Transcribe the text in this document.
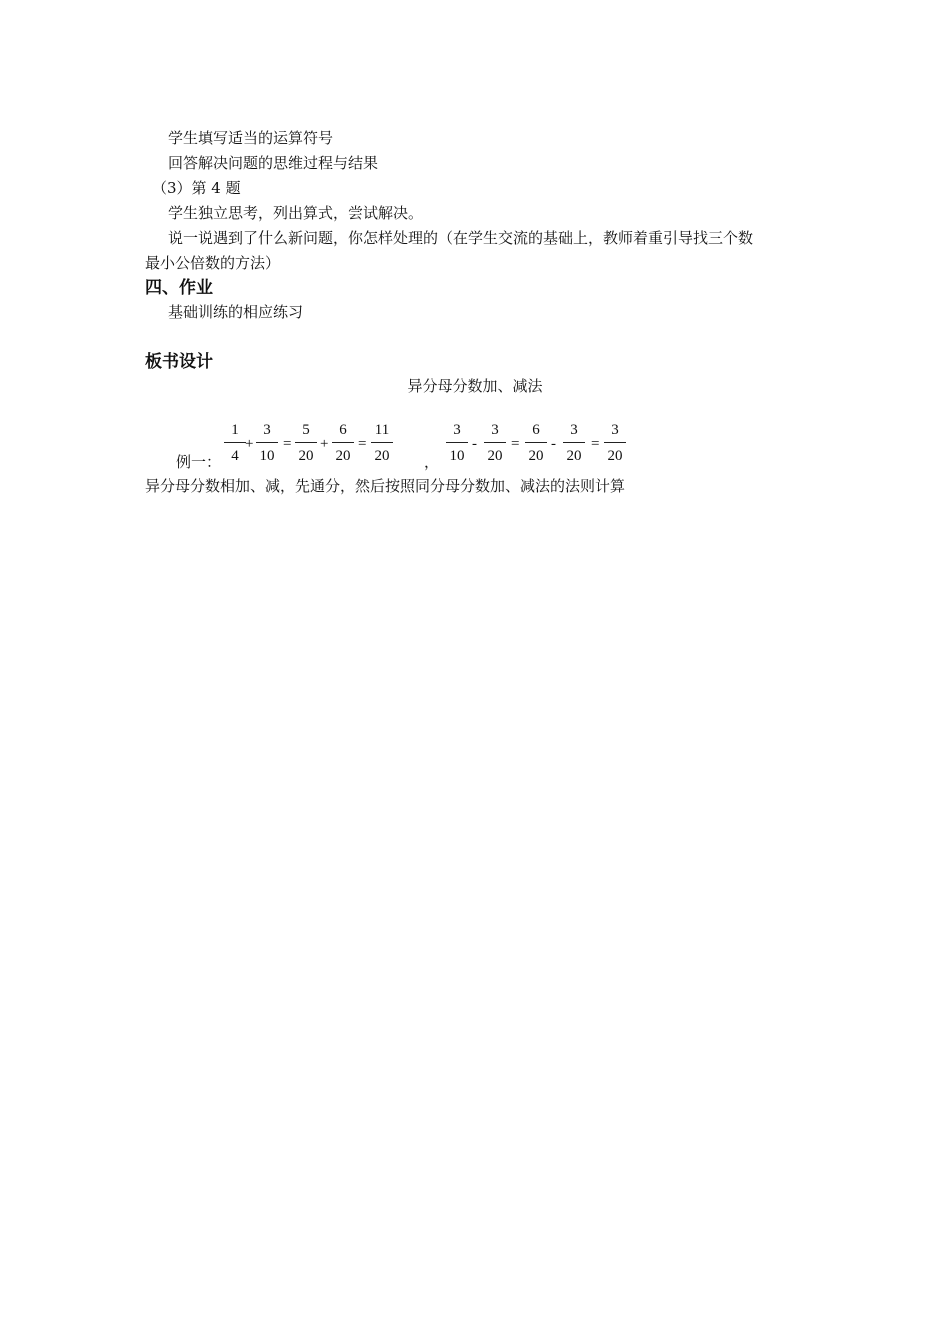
学生填写适当的运算符号
回答解决问题的思维过程与结果
（3）第 4 题
学生独立思考，列出算式，尝试解决。
说一说遇到了什么新问题，你怎样处理的（在学生交流的基础上，教师着重引导找三个数
最小公倍数的方法）
四、作业
基础训练的相应练习
板书设计
异分母分数加、减法
例一：
1
4
+
3
10
=
5
20
+
6
20
=
11
20	，
3
10
-
3
20
=
6
20
-
3
20
=
3
20
异分母分数相加、减，先通分，然后按照同分母分数加、减法的法则计算
